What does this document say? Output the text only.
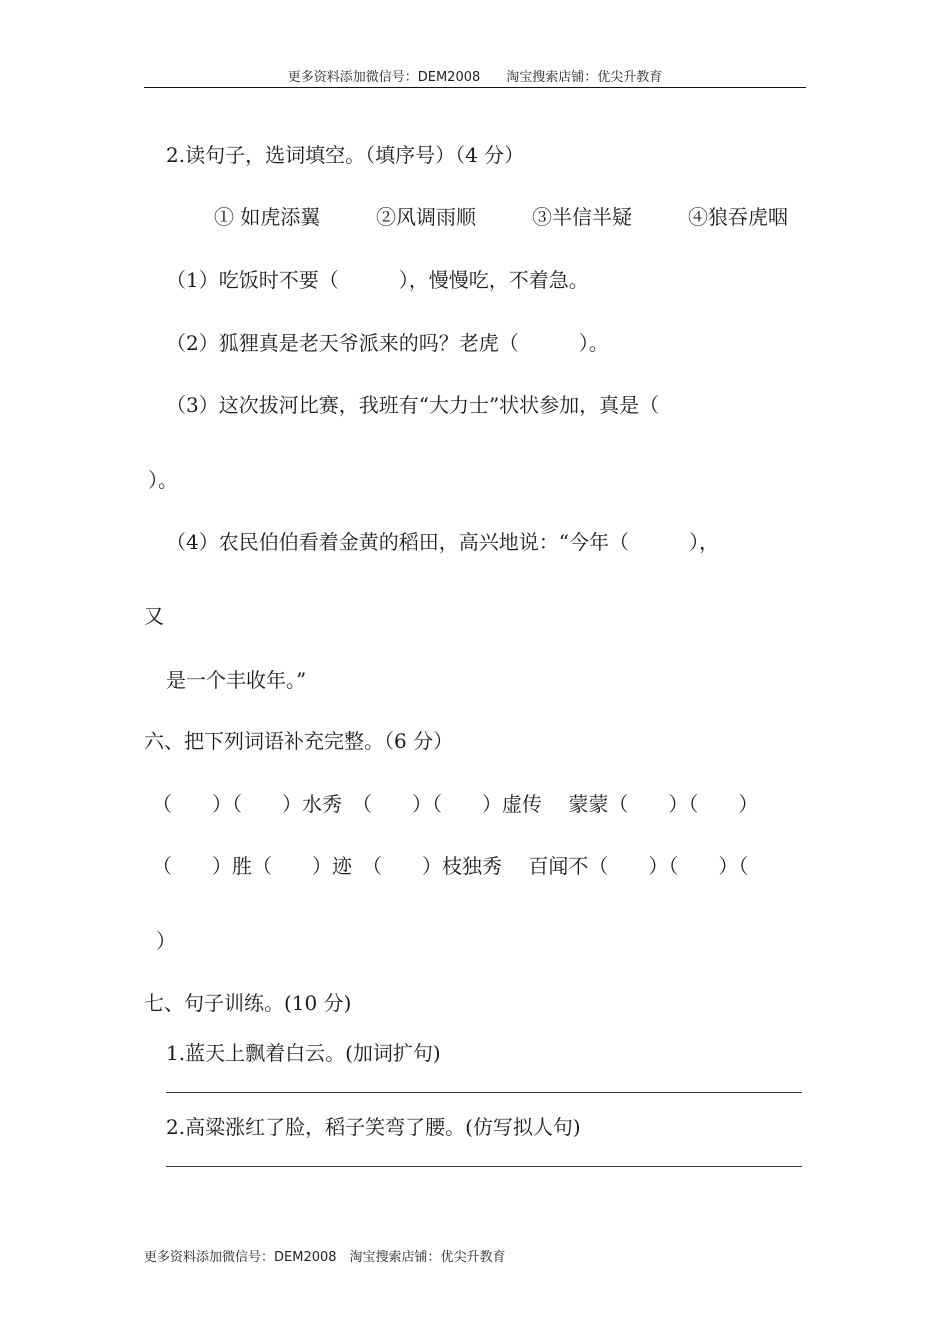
更多资料添加微信号：DEM2008　　淘宝搜索店铺：优尖升教育
2.读句子，选词填空。（填序号）（4 分）
① 如虎添翼	②风调雨顺	③半信半疑	④狼吞虎咽
（1）吃饭时不要（　　　），慢慢吃，不着急。
（2）狐狸真是老天爷派来的吗？老虎（　　　）。
（3）这次拔河比赛，我班有“大力士”状状参加，真是（
）。
（4）农民伯伯看着金黄的稻田，高兴地说：“今年（　　　），
又
是一个丰收年。”
六、把下列词语补充完整。（6 分）
（　　）（　　）水秀　（　　）（　　）虚传　 蒙蒙（　　）（　　）
（　　）胜（　　）迹　（　　）枝独秀　 百闻不（　　）（　　）（
）
七、句子训练。(10 分)
1.蓝天上飘着白云。(加词扩句)
2.高粱涨红了脸，稻子笑弯了腰。(仿写拟人句)
更多资料添加微信号：DEM2008　淘宝搜索店铺：优尖升教育
